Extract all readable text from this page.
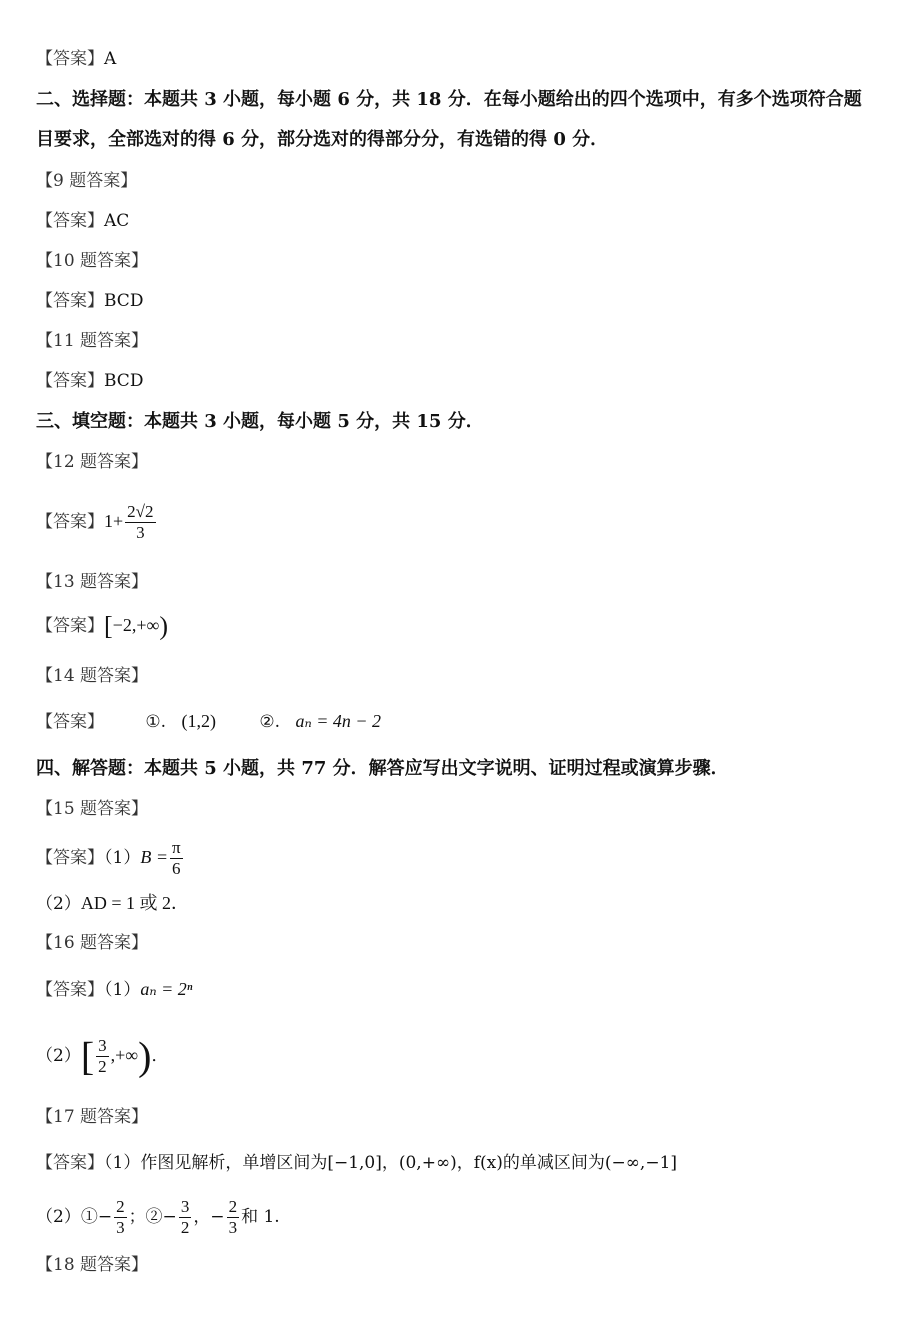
【答案】A
二、选择题：本题共 3 小题，每小题 6 分，共 18 分．在每小题给出的四个选项中，有多个选项符合题目要求，全部选对的得 6 分，部分选对的得部分分，有选错的得 0 分．
【9 题答案】
【答案】AC
【10 题答案】
【答案】BCD
【11 题答案】
【答案】BCD
三、填空题：本题共 3 小题，每小题 5 分，共 15 分．
【12 题答案】
【答案】$1+ \frac{2√2}{3}$
【13 题答案】
【答案】[−2,+∞)
【14 题答案】
【答案】 ①. (1,2)	②. aₙ = 4n − 2
四、解答题：本题共 5 小题，共 77 分．解答应写出文字说明、证明过程或演算步骤．
【15 题答案】
【答案】$(1)B = \frac{\pi}{6}$
（2）AD = 1 或 2．
【16 题答案】
【答案】（1）aₙ = 2ⁿ
$(2)[ \frac{3}{2}$ ,+∞)．
【17 题答案】
【答案】（1）作图见解析，单增区间为[−1,0]，(0,+∞)，f(x)的单减区间为(−∞,−1]
（2）①− $\frac{2}{3}$ ；②− $\frac{3}{2}$ ，− $\frac{2}{3}$ 和 1.
【18 题答案】
